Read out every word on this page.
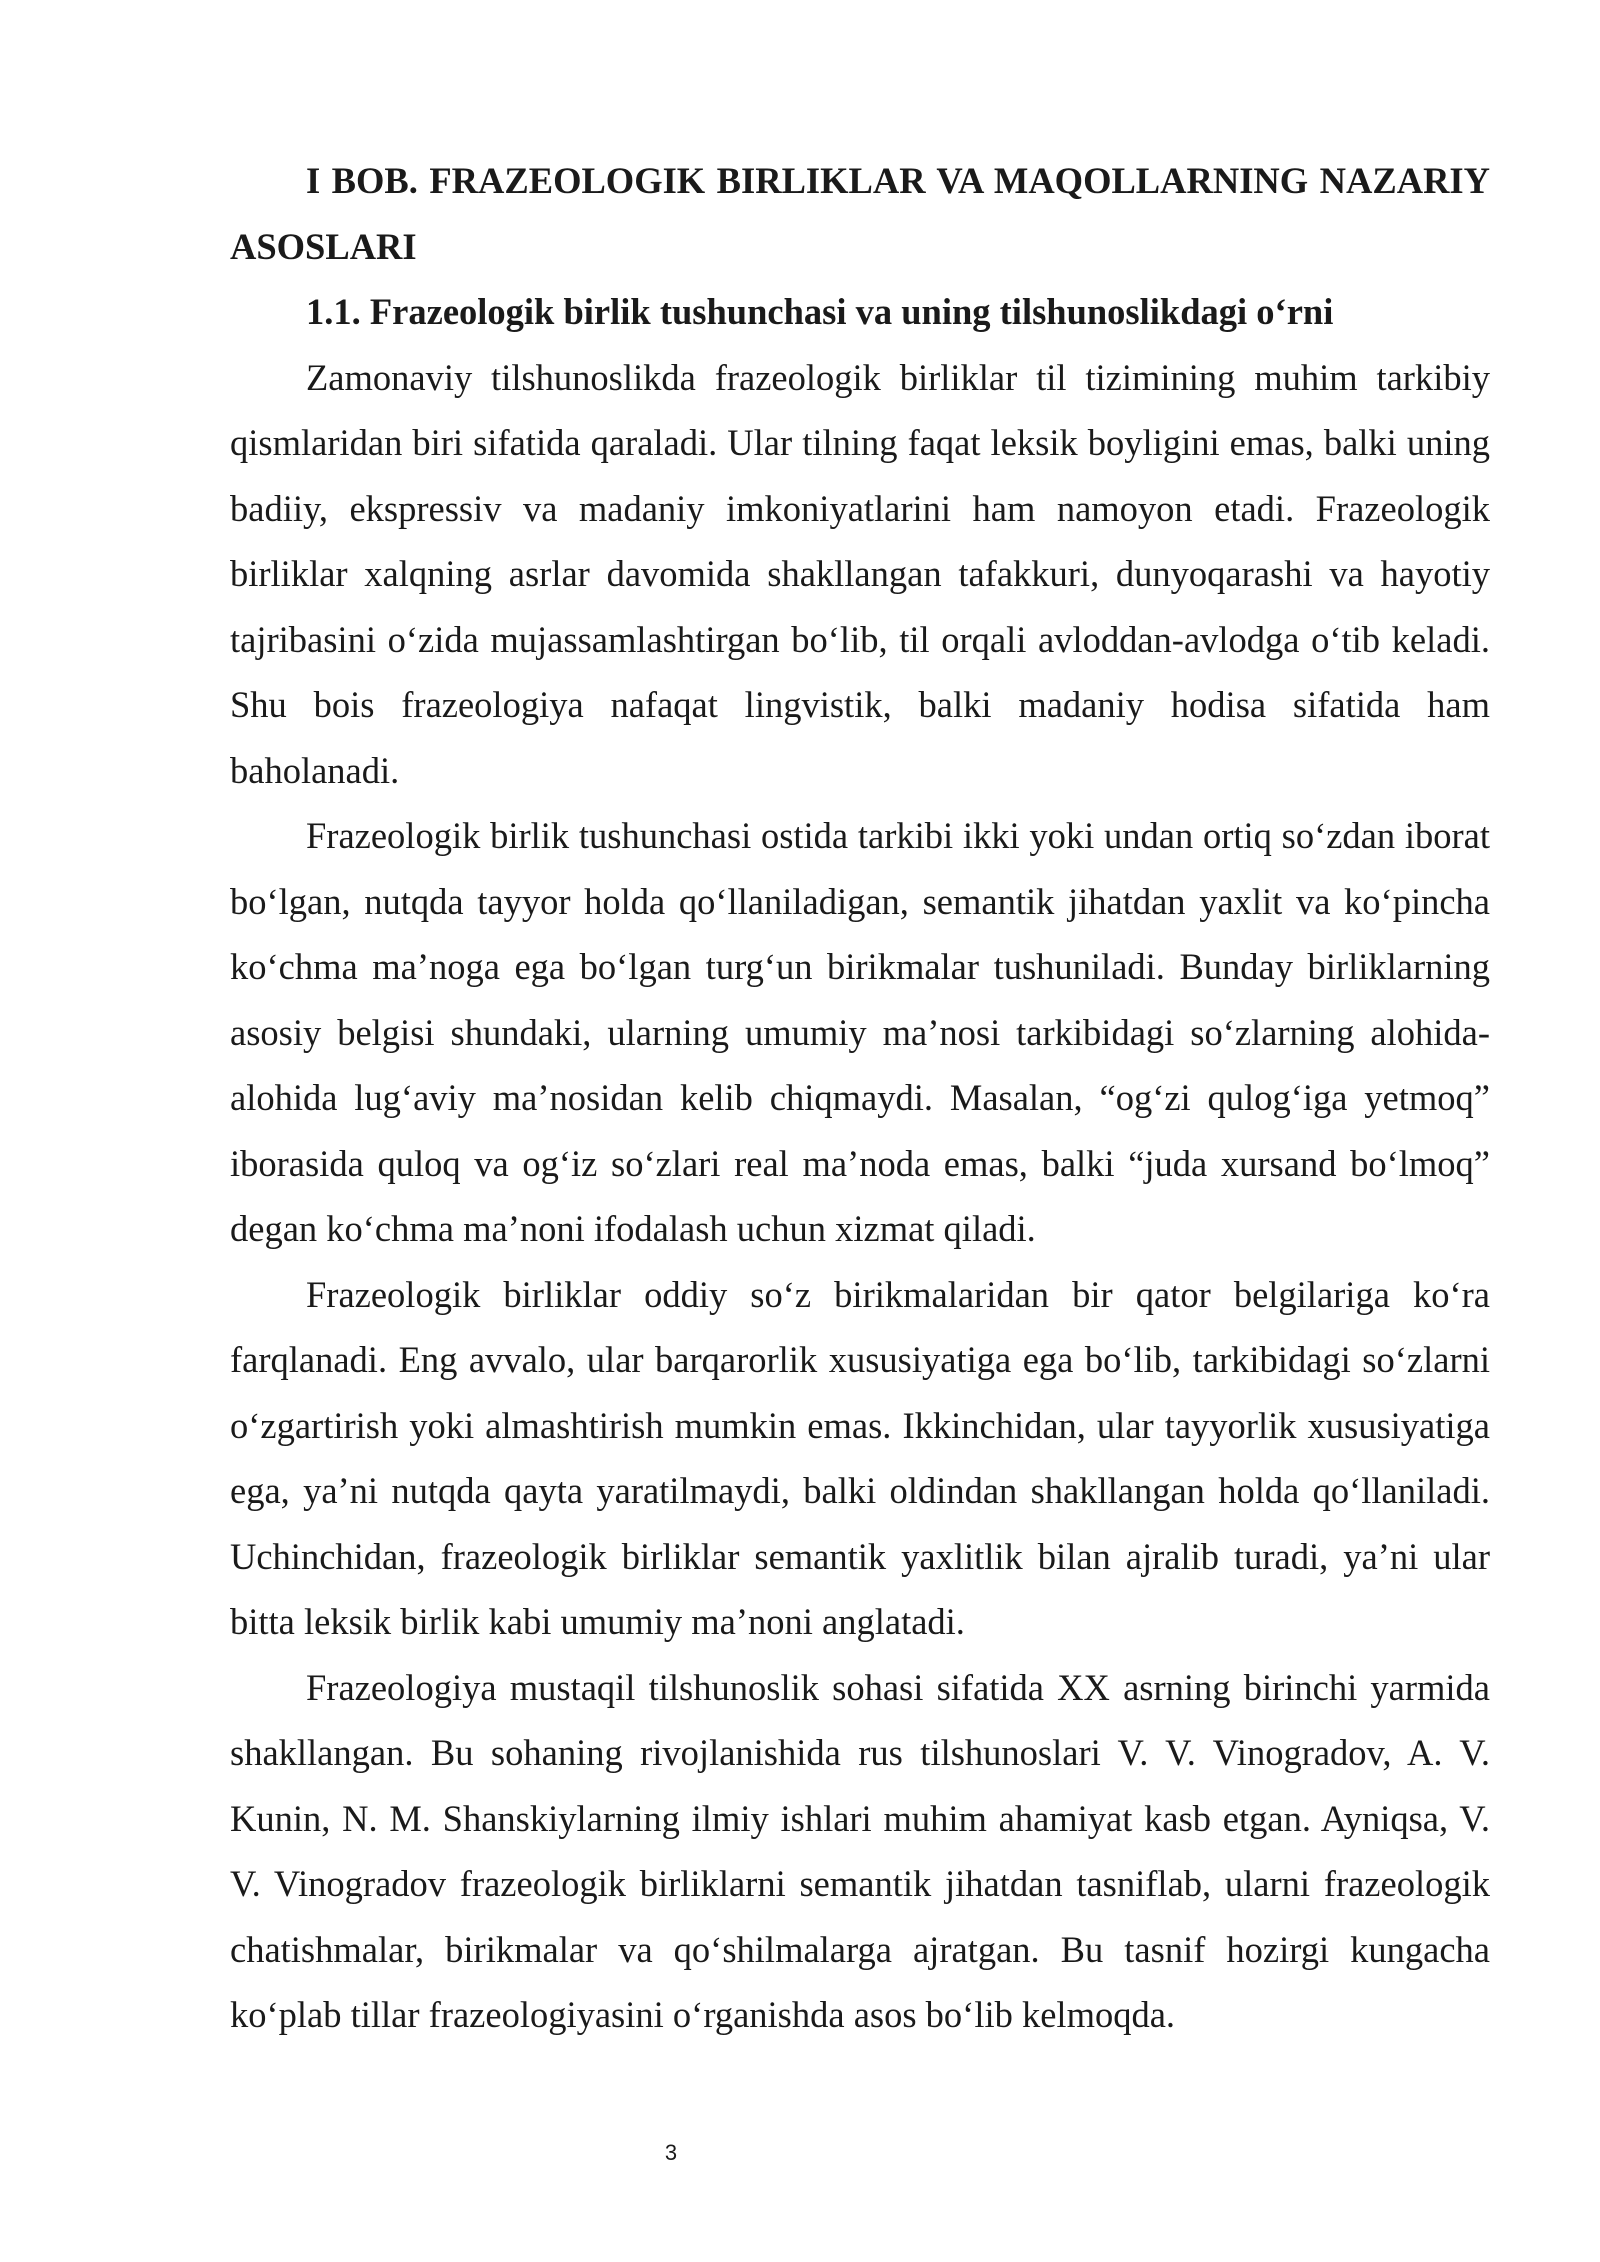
I BOB. FRAZEOLOGIK BIRLIKLAR VA MAQOLLARNING NAZARIY ASOSLARI

1.1. Frazeologik birlik tushunchasi va uning tilshunoslikdagi o‘rni

Zamonaviy tilshunoslikda frazeologik birliklar til tizimining muhim tarkibiy qismlaridan biri sifatida qaraladi. Ular tilning faqat leksik boyligini emas, balki uning badiiy, ekspressiv va madaniy imkoniyatlarini ham namoyon etadi. Frazeologik birliklar xalqning asrlar davomida shakllangan tafakkuri, dunyoqarashi va hayotiy tajribasini o‘zida mujassamlashtirgan bo‘lib, til orqali avloddan-avlodga o‘tib keladi. Shu bois frazeologiya nafaqat lingvistik, balki madaniy hodisa sifatida ham baholanadi.

Frazeologik birlik tushunchasi ostida tarkibi ikki yoki undan ortiq so‘zdan iborat bo‘lgan, nutqda tayyor holda qo‘llaniladigan, semantik jihatdan yaxlit va ko‘pincha ko‘chma ma’noga ega bo‘lgan turg‘un birikmalar tushuniladi. Bunday birliklarning asosiy belgisi shundaki, ularning umumiy ma’nosi tarkibidagi so‘zlarning alohida-alohida lug‘aviy ma’nosidan kelib chiqmaydi. Masalan, “og‘zi qulog‘iga yetmoq” iborasida quloq va og‘iz so‘zlari real ma’noda emas, balki “juda xursand bo‘lmoq” degan ko‘chma ma’noni ifodalash uchun xizmat qiladi.

Frazeologik birliklar oddiy so‘z birikmalaridan bir qator belgilariga ko‘ra farqlanadi. Eng avvalo, ular barqarorlik xususiyatiga ega bo‘lib, tarkibidagi so‘zlarni o‘zgartirish yoki almashtirish mumkin emas. Ikkinchidan, ular tayyorlik xususiyatiga ega, ya’ni nutqda qayta yaratilmaydi, balki oldindan shakllangan holda qo‘llaniladi. Uchinchidan, frazeologik birliklar semantik yaxlitlik bilan ajralib turadi, ya’ni ular bitta leksik birlik kabi umumiy ma’noni anglatadi.

Frazeologiya mustaqil tilshunoslik sohasi sifatida XX asrning birinchi yarmida shakllangan. Bu sohaning rivojlanishida rus tilshunoslari V. V. Vinogradov, A. V. Kunin, N. M. Shanskiylarning ilmiy ishlari muhim ahamiyat kasb etgan. Ayniqsa, V. V. Vinogradov frazeologik birliklarni semantik jihatdan tasniflab, ularni frazeologik chatishmalar, birikmalar va qo‘shilmalarga ajratgan. Bu tasnif hozirgi kungacha ko‘plab tillar frazeologiyasini o‘rganishda asos bo‘lib kelmoqda.

3
